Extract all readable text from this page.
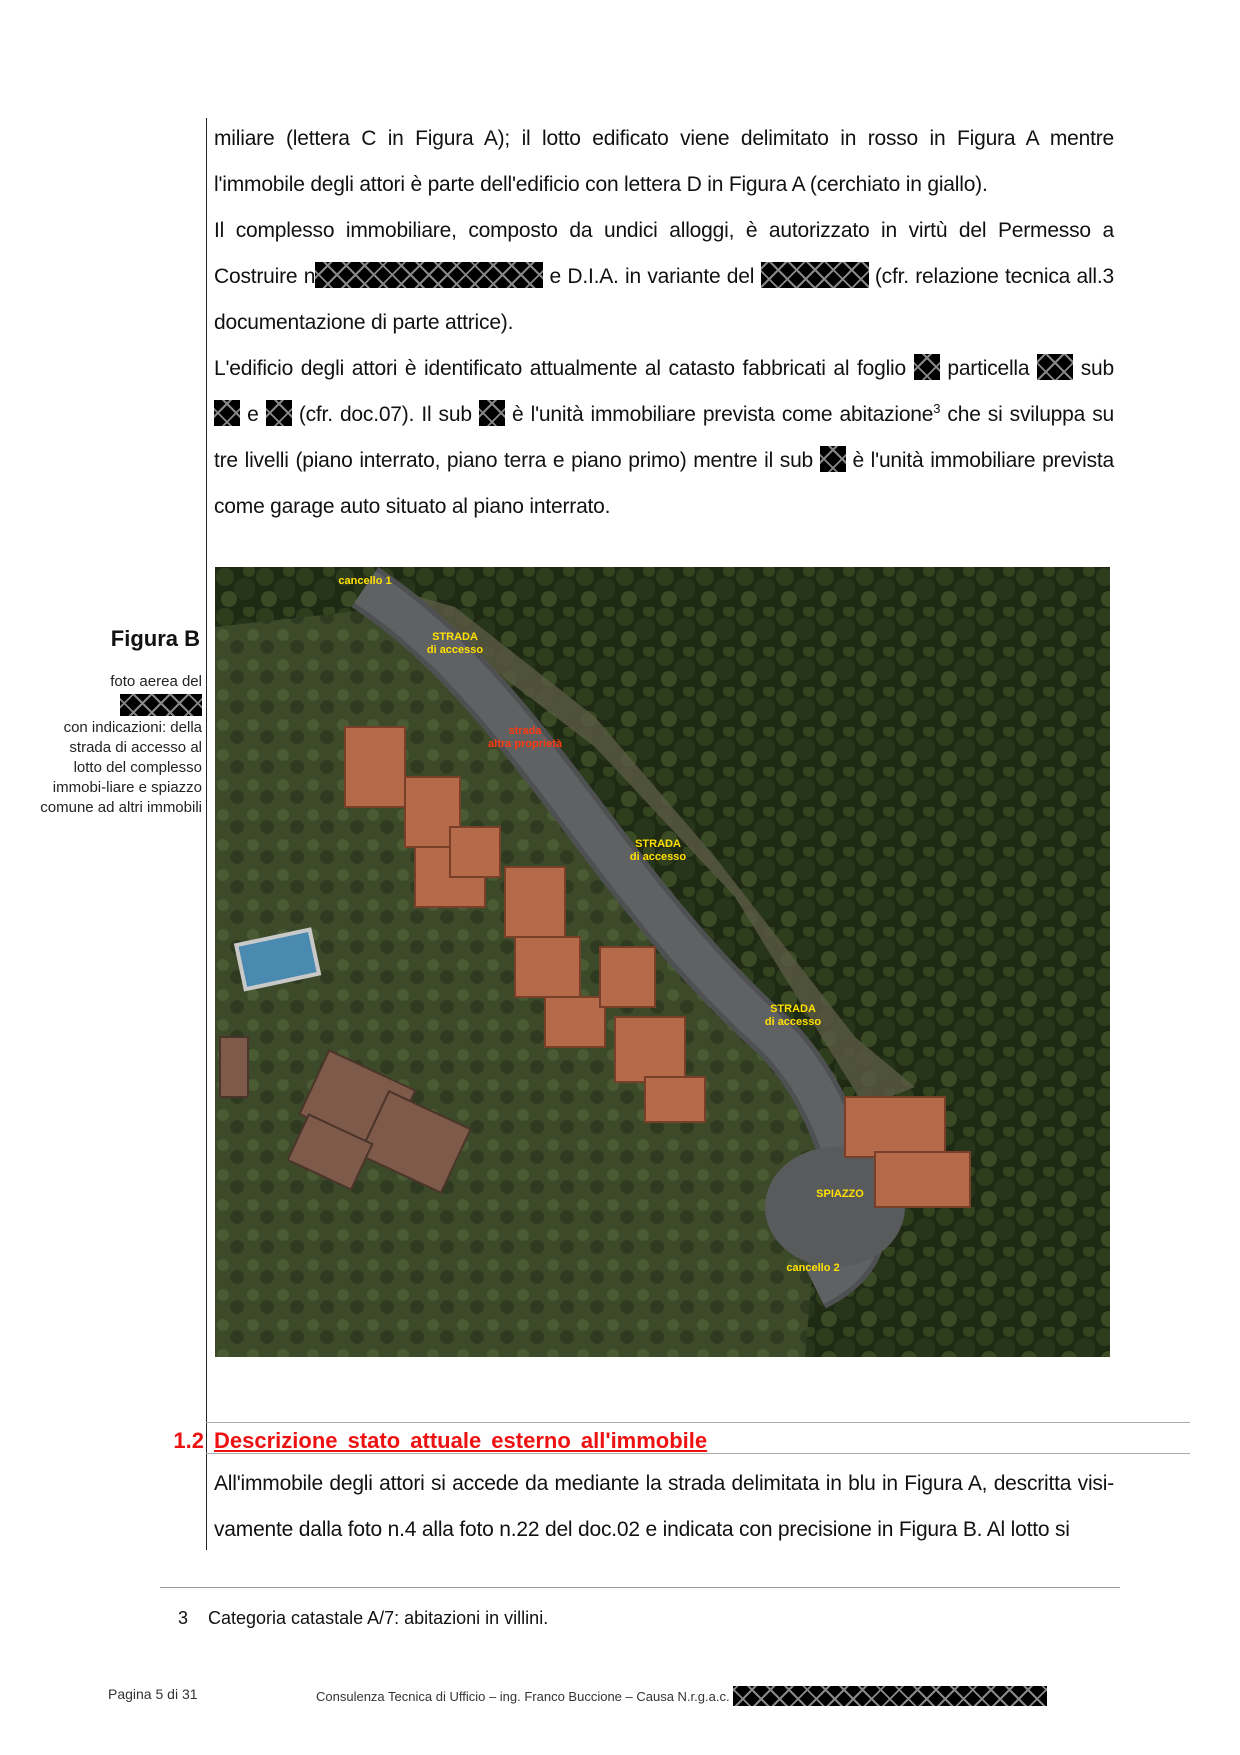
miliare (lettera C in Figura A); il lotto edificato viene delimitato in rosso in Figura A mentre l'immobile degli attori è parte dell'edificio con lettera D in Figura A (cerchiato in giallo).

Il complesso immobiliare, composto da undici alloggi, è autorizzato in virtù del Permesso a Costruire n	e D.I.A. in variante del	(cfr. relazione tecnica all.3 documentazione di parte attrice).

L'edificio degli attori è identificato attualmente al catasto fabbricati al foglio  particella  sub  e  (cfr. doc.07). Il sub  è l'unità immobiliare prevista come abitazione$^3$ che si sviluppa su tre livelli (piano interrato, piano terra e piano primo) mentre il sub  è l'unità immobiliare prevista come garage auto situato al piano interrato.

Figura B
foto aerea del
con indicazioni: della strada di accesso al lotto del complesso immobi-liare e spiazzo comune ad altri immobili
cancello 1
STRADA
di accesso
strada
altra proprietà
STRADA
di accesso
STRADA
di accesso
SPIAZZO
cancello 2
1.2 Descrizione stato attuale esterno all'immobile

All'immobile degli attori si accede da mediante la strada delimitata in blu in Figura A, descritta visi-vamente dalla foto n.4 alla foto n.22 del doc.02 e indicata con precisione in Figura B. Al lotto si

3 Categoria catastale A/7: abitazioni in villini.
Pagina 5 di 31	Consulenza Tecnica di Ufficio – ing. Franco Buccione – Causa N.r.g.a.c.
